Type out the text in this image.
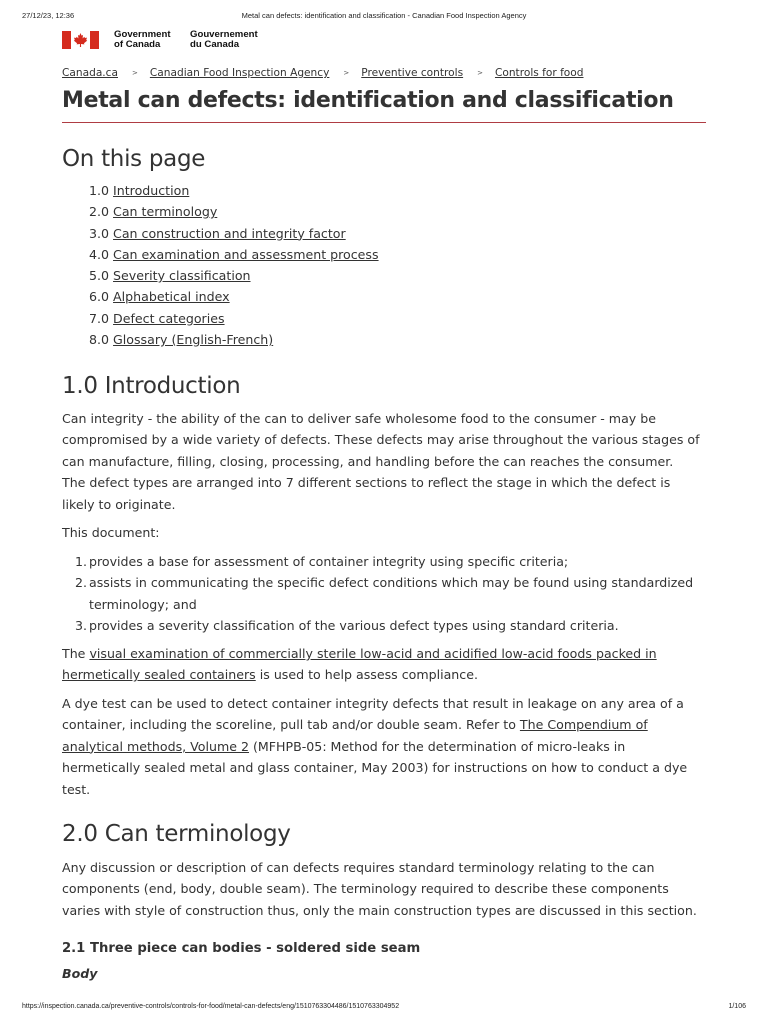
27/12/23, 12:36	Metal can defects: identification and classification - Canadian Food Inspection Agency
Government
of Canada
Gouvernement
du Canada
Canada.ca > Canadian Food Inspection Agency > Preventive controls > Controls for food
Metal can defects: identification and classification
On this page
1.0 Introduction
2.0 Can terminology
3.0 Can construction and integrity factor
4.0 Can examination and assessment process
5.0 Severity classification
6.0 Alphabetical index
7.0 Defect categories
8.0 Glossary (English-French)
1.0 Introduction
Can integrity - the ability of the can to deliver safe wholesome food to the consumer - may be
compromised by a wide variety of defects. These defects may arise throughout the various stages of
can manufacture, filling, closing, processing, and handling before the can reaches the consumer.
The defect types are arranged into 7 different sections to reflect the stage in which the defect is
likely to originate.
This document:
1. provides a base for assessment of container integrity using specific criteria;
2. assists in communicating the specific defect conditions which may be found using standardized
terminology; and
3. provides a severity classification of the various defect types using standard criteria.
The visual examination of commercially sterile low-acid and acidified low-acid foods packed in
hermetically sealed containers is used to help assess compliance.
A dye test can be used to detect container integrity defects that result in leakage on any area of a
container, including the scoreline, pull tab and/or double seam. Refer to The Compendium of
analytical methods, Volume 2 (MFHPB-05: Method for the determination of micro-leaks in
hermetically sealed metal and glass container, May 2003) for instructions on how to conduct a dye
test.
2.0 Can terminology
Any discussion or description of can defects requires standard terminology relating to the can
components (end, body, double seam). The terminology required to describe these components
varies with style of construction thus, only the main construction types are discussed in this section.
2.1 Three piece can bodies - soldered side seam
Body
https://inspection.canada.ca/preventive-controls/controls-for-food/metal-can-defects/eng/1510763304486/1510763304952	1/106
